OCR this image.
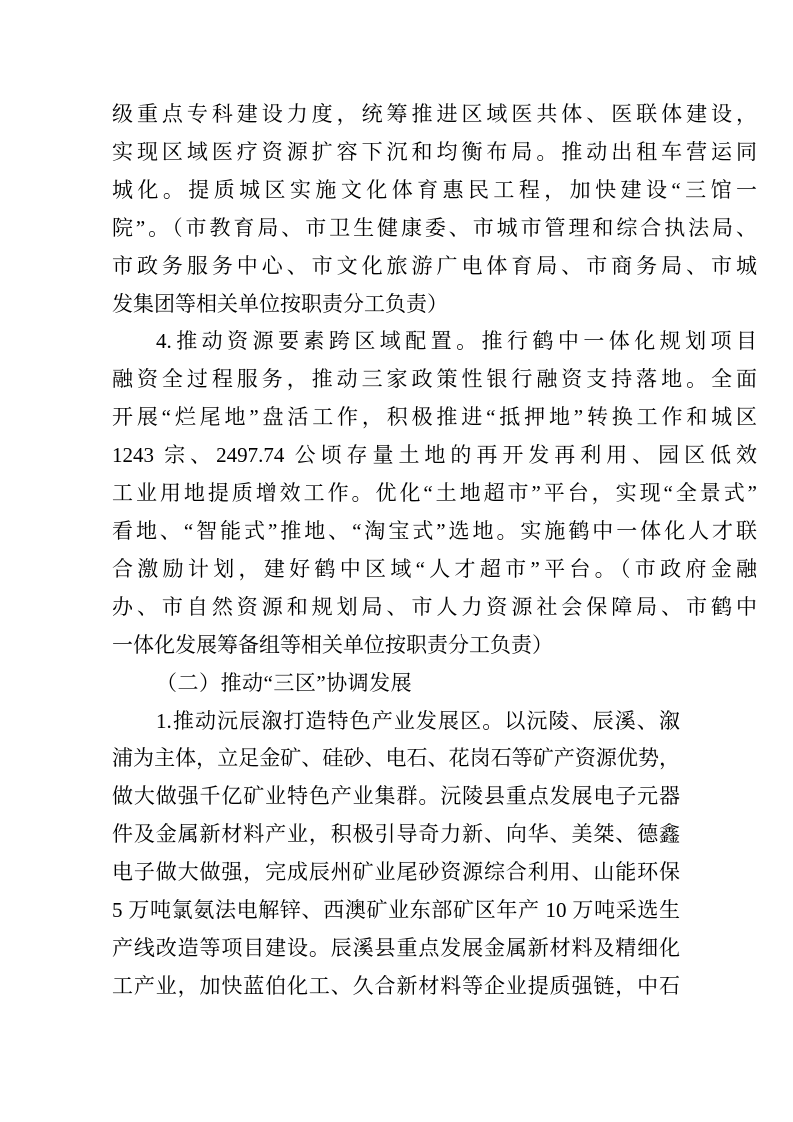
级重点专科建设力度，统筹推进区域医共体、医联体建设，
实现区域医疗资源扩容下沉和均衡布局。推动出租车营运同
城化。提质城区实施文化体育惠民工程，加快建设“三馆一
院”。（市教育局、市卫生健康委、市城市管理和综合执法局、
市政务服务中心、市文化旅游广电体育局、市商务局、市城
发集团等相关单位按职责分工负责）
4.推动资源要素跨区域配置。推行鹤中一体化规划项目
融资全过程服务，推动三家政策性银行融资支持落地。全面
开展“烂尾地”盘活工作，积极推进“抵押地”转换工作和城区
1243 宗、2497.74 公顷存量土地的再开发再利用、园区低效
工业用地提质增效工作。优化“土地超市”平台，实现“全景式”
看地、“智能式”推地、“淘宝式”选地。实施鹤中一体化人才联
合激励计划，建好鹤中区域“人才超市”平台。（市政府金融
办、市自然资源和规划局、市人力资源社会保障局、市鹤中
一体化发展筹备组等相关单位按职责分工负责）
（二）推动“三区”协调发展
1.推动沅辰溆打造特色产业发展区。以沅陵、辰溪、溆
浦为主体，立足金矿、硅砂、电石、花岗石等矿产资源优势，
做大做强千亿矿业特色产业集群。沅陵县重点发展电子元器
件及金属新材料产业，积极引导奇力新、向华、美桀、德鑫
电子做大做强，完成辰州矿业尾砂资源综合利用、山能环保
5 万吨氯氨法电解锌、西澳矿业东部矿区年产 10 万吨采选生
产线改造等项目建设。辰溪县重点发展金属新材料及精细化
工产业，加快蓝伯化工、久合新材料等企业提质强链，中石
